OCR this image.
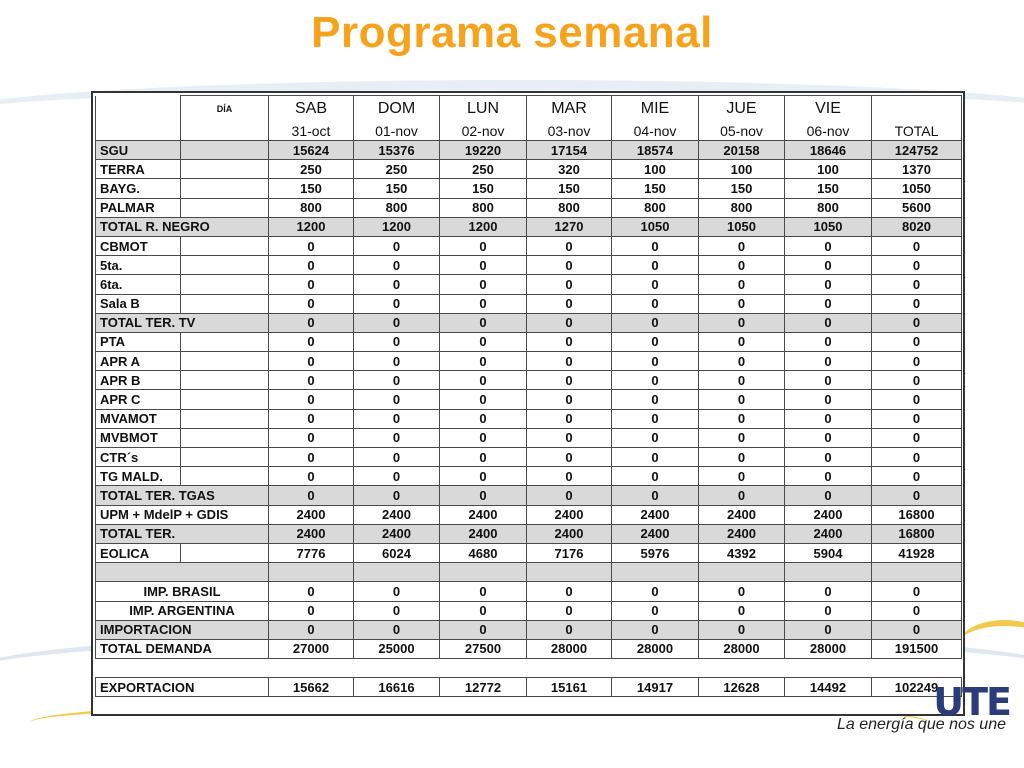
Programa semanal
	DÍA	SAB	DOM	LUN	MAR	MIE	JUE	VIE	
		31-oct	01-nov	02-nov	03-nov	04-nov	05-nov	06-nov	TOTAL
SGU		15624	15376	19220	17154	18574	20158	18646	124752
TERRA		250	250	250	320	100	100	100	1370
BAYG.		150	150	150	150	150	150	150	1050
PALMAR		800	800	800	800	800	800	800	5600
TOTAL R. NEGRO		1200	1200	1200	1270	1050	1050	1050	8020
CBMOT		0	0	0	0	0	0	0	0
5ta.		0	0	0	0	0	0	0	0
6ta.		0	0	0	0	0	0	0	0
Sala B		0	0	0	0	0	0	0	0
TOTAL TER. TV		0	0	0	0	0	0	0	0
PTA		0	0	0	0	0	0	0	0
APR A		0	0	0	0	0	0	0	0
APR B		0	0	0	0	0	0	0	0
APR C		0	0	0	0	0	0	0	0
MVAMOT		0	0	0	0	0	0	0	0
MVBMOT		0	0	0	0	0	0	0	0
CTR´s		0	0	0	0	0	0	0	0
TG MALD.		0	0	0	0	0	0	0	0
TOTAL TER. TGAS		0	0	0	0	0	0	0	0
UPM + MdelP + GDIS		2400	2400	2400	2400	2400	2400	2400	16800
TOTAL TER.		2400	2400	2400	2400	2400	2400	2400	16800
EOLICA		7776	6024	4680	7176	5976	4392	5904	41928

IMP. BRASIL		0	0	0	0	0	0	0	0
IMP. ARGENTINA		0	0	0	0	0	0	0	0
IMPORTACION		0	0	0	0	0	0	0	0
TOTAL DEMANDA		27000	25000	27500	28000	28000	28000	28000	191500

EXPORTACION		15662	16616	12772	15161	14917	12628	14492	102249
UTE
La energía que nos une
